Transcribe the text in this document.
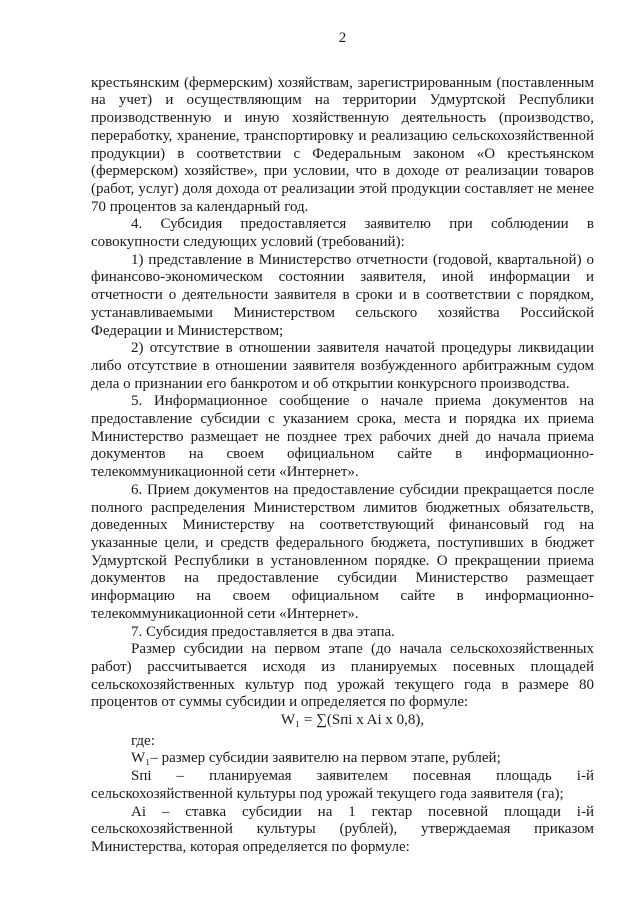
2

крестьянским (фермерским) хозяйствам, зарегистрированным (поставленным на учет) и осуществляющим на территории Удмуртской Республики производственную и иную хозяйственную деятельность (производство, переработку, хранение, транспортировку и реализацию сельскохозяйственной продукции) в соответствии с Федеральным законом «О крестьянском (фермерском) хозяйстве», при условии, что в доходе от реализации товаров (работ, услуг) доля дохода от реализации этой продукции составляет не менее 70 процентов за календарный год.

4. Субсидия предоставляется заявителю при соблюдении в совокупности следующих условий (требований):

1) представление в Министерство отчетности (годовой, квартальной) о финансово-экономическом состоянии заявителя, иной информации и отчетности о деятельности заявителя в сроки и в соответствии с порядком, устанавливаемыми Министерством сельского хозяйства Российской Федерации и Министерством;

2) отсутствие в отношении заявителя начатой процедуры ликвидации либо отсутствие в отношении заявителя возбужденного арбитражным судом дела о признании его банкротом и об открытии конкурсного производства.

5. Информационное сообщение о начале приема документов на предоставление субсидии с указанием срока, места и порядка их приема Министерство размещает не позднее трех рабочих дней до начала приема документов на своем официальном сайте в информационно-телекоммуникационной сети «Интернет».

6. Прием документов на предоставление субсидии прекращается после полного распределения Министерством лимитов бюджетных обязательств, доведенных Министерству на соответствующий финансовый год на указанные цели, и средств федерального бюджета, поступивших в бюджет Удмуртской Республики в установленном порядке. О прекращении приема документов на предоставление субсидии Министерство размещает информацию на своем официальном сайте в информационно-телекоммуникационной сети «Интернет».

7. Субсидия предоставляется в два этапа.

Размер субсидии на первом этапе (до начала сельскохозяйственных работ) рассчитывается исходя из планируемых посевных площадей сельскохозяйственных культур под урожай текущего года в размере 80 процентов от суммы субсидии и определяется по формуле:

W₁ = ∑(Sпi x Ai x 0,8),

где:

W₁– размер субсидии заявителю на первом этапе, рублей;

Sпi – планируемая заявителем посевная площадь i-й сельскохозяйственной культуры под урожай текущего года заявителя (га);

Ai – ставка субсидии на 1 гектар посевной площади i-й сельскохозяйственной культуры (рублей), утверждаемая приказом Министерства, которая определяется по формуле:
